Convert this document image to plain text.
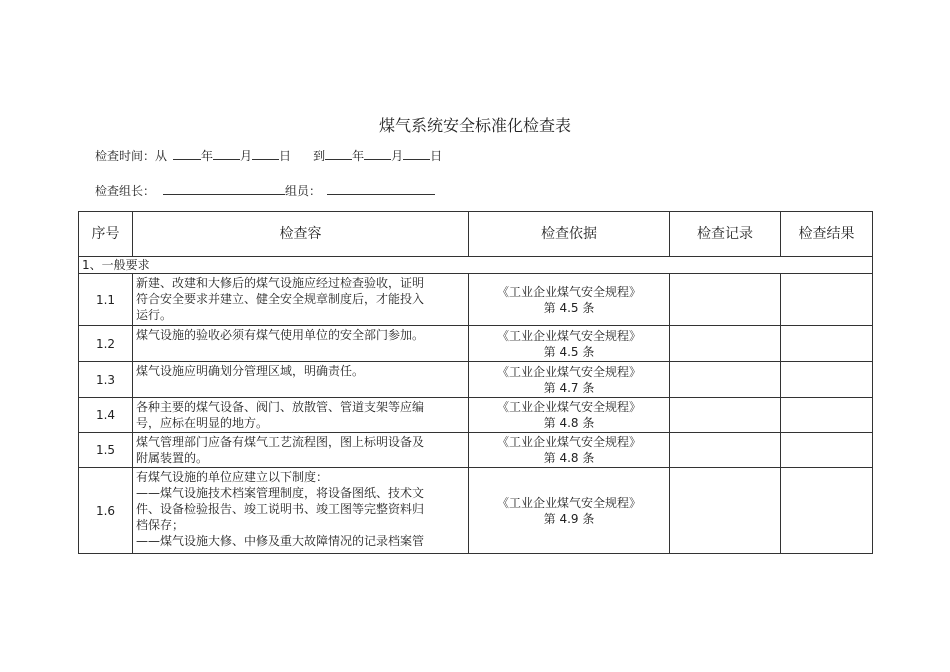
煤气系统安全标准化检查表
检查时间：从	年 月 日 到 年 月 日
检查组长：	组员：
序号	检查容	检查依据	检查记录	检查结果
1、一般要求				
1.1	新建、改建和大修后的煤气设施应经过检查验收，证明
符合安全要求并建立、健全安全规章制度后，才能投入
运行。	《工业企业煤气安全规程》
第 4.5 条		

1.2	煤气设施的验收必须有煤气使用单位的安全部门参加。	《工业企业煤气安全规程》
第 4.5 条		

1.3	煤气设施应明确划分管理区域，明确责任。	《工业企业煤气安全规程》
第 4.7 条		

1.4	各种主要的煤气设备、阀门、放散管、管道支架等应编
号，应标在明显的地方。	《工业企业煤气安全规程》
第 4.8 条		

1.5	煤气管理部门应备有煤气工艺流程图，图上标明设备及
附属装置的。	《工业企业煤气安全规程》
第 4.8 条		

1.6	有煤气设施的单位应建立以下制度：
——煤气设施技术档案管理制度，将设备图纸、技术文
件、设备检验报告、竣工说明书、竣工图等完整资料归
档保存；
——煤气设施大修、中修及重大故障情况的记录档案管	《工业企业煤气安全规程》
第 4.9 条		
